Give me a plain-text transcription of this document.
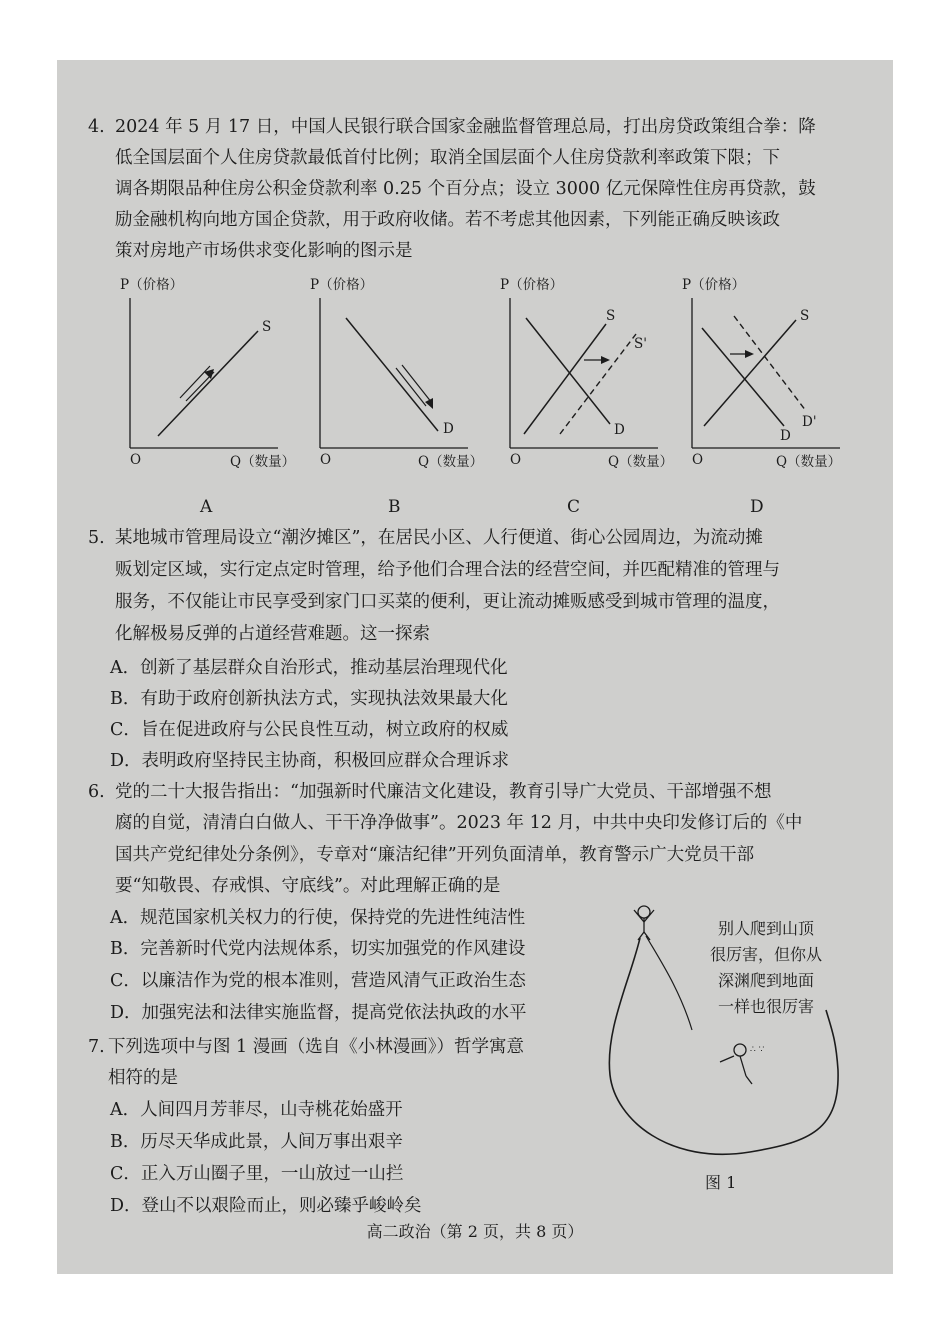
4. 2024 年 5 月 17 日，中国人民银行联合国家金融监督管理总局，打出房贷政策组合拳：降
低全国层面个人住房贷款最低首付比例；取消全国层面个人住房贷款利率政策下限；下
调各期限品种住房公积金贷款利率 0.25 个百分点；设立 3000 亿元保障性住房再贷款，鼓
励金融机构向地方国企贷款，用于政府收储。若不考虑其他因素，下列能正确反映该政
策对房地产市场供求变化影响的图示是
P（价格）
S
O	Q（数量）
A
P（价格）
D
O	Q（数量）
B
P（价格）
S
S'
D
O	Q（数量）
C
P（价格）
S
D
D'
O	Q（数量）
D
5. 某地城市管理局设立“潮汐摊区”，在居民小区、人行便道、街心公园周边，为流动摊
贩划定区域，实行定点定时管理，给予他们合理合法的经营空间，并匹配精准的管理与
服务，不仅能让市民享受到家门口买菜的便利，更让流动摊贩感受到城市管理的温度，
化解极易反弹的占道经营难题。这一探索
A．创新了基层群众自治形式，推动基层治理现代化
B．有助于政府创新执法方式，实现执法效果最大化
C．旨在促进政府与公民良性互动，树立政府的权威
D．表明政府坚持民主协商，积极回应群众合理诉求
6. 党的二十大报告指出：“加强新时代廉洁文化建设，教育引导广大党员、干部增强不想
腐的自觉，清清白白做人、干干净净做事”。2023 年 12 月，中共中央印发修订后的《中
国共产党纪律处分条例》，专章对“廉洁纪律”开列负面清单，教育警示广大党员干部
要“知敬畏、存戒惧、守底线”。对此理解正确的是
A．规范国家机关权力的行使，保持党的先进性纯洁性
B．完善新时代党内法规体系，切实加强党的作风建设
C．以廉洁作为党的根本准则，营造风清气正政治生态
D．加强宪法和法律实施监督，提高党依法执政的水平
7. 下列选项中与图 1 漫画（选自《小林漫画》）哲学寓意
相符的是
A．人间四月芳菲尽，山寺桃花始盛开
B．历尽天华成此景，人间万事出艰辛
C．正入万山圈子里，一山放过一山拦
D．登山不以艰险而止，则必臻乎峻岭矣
∴ ∵
别人爬到山顶
很厉害，但你从
深渊爬到地面
一样也很厉害
图 1
高二政治（第 2 页，共 8 页）
